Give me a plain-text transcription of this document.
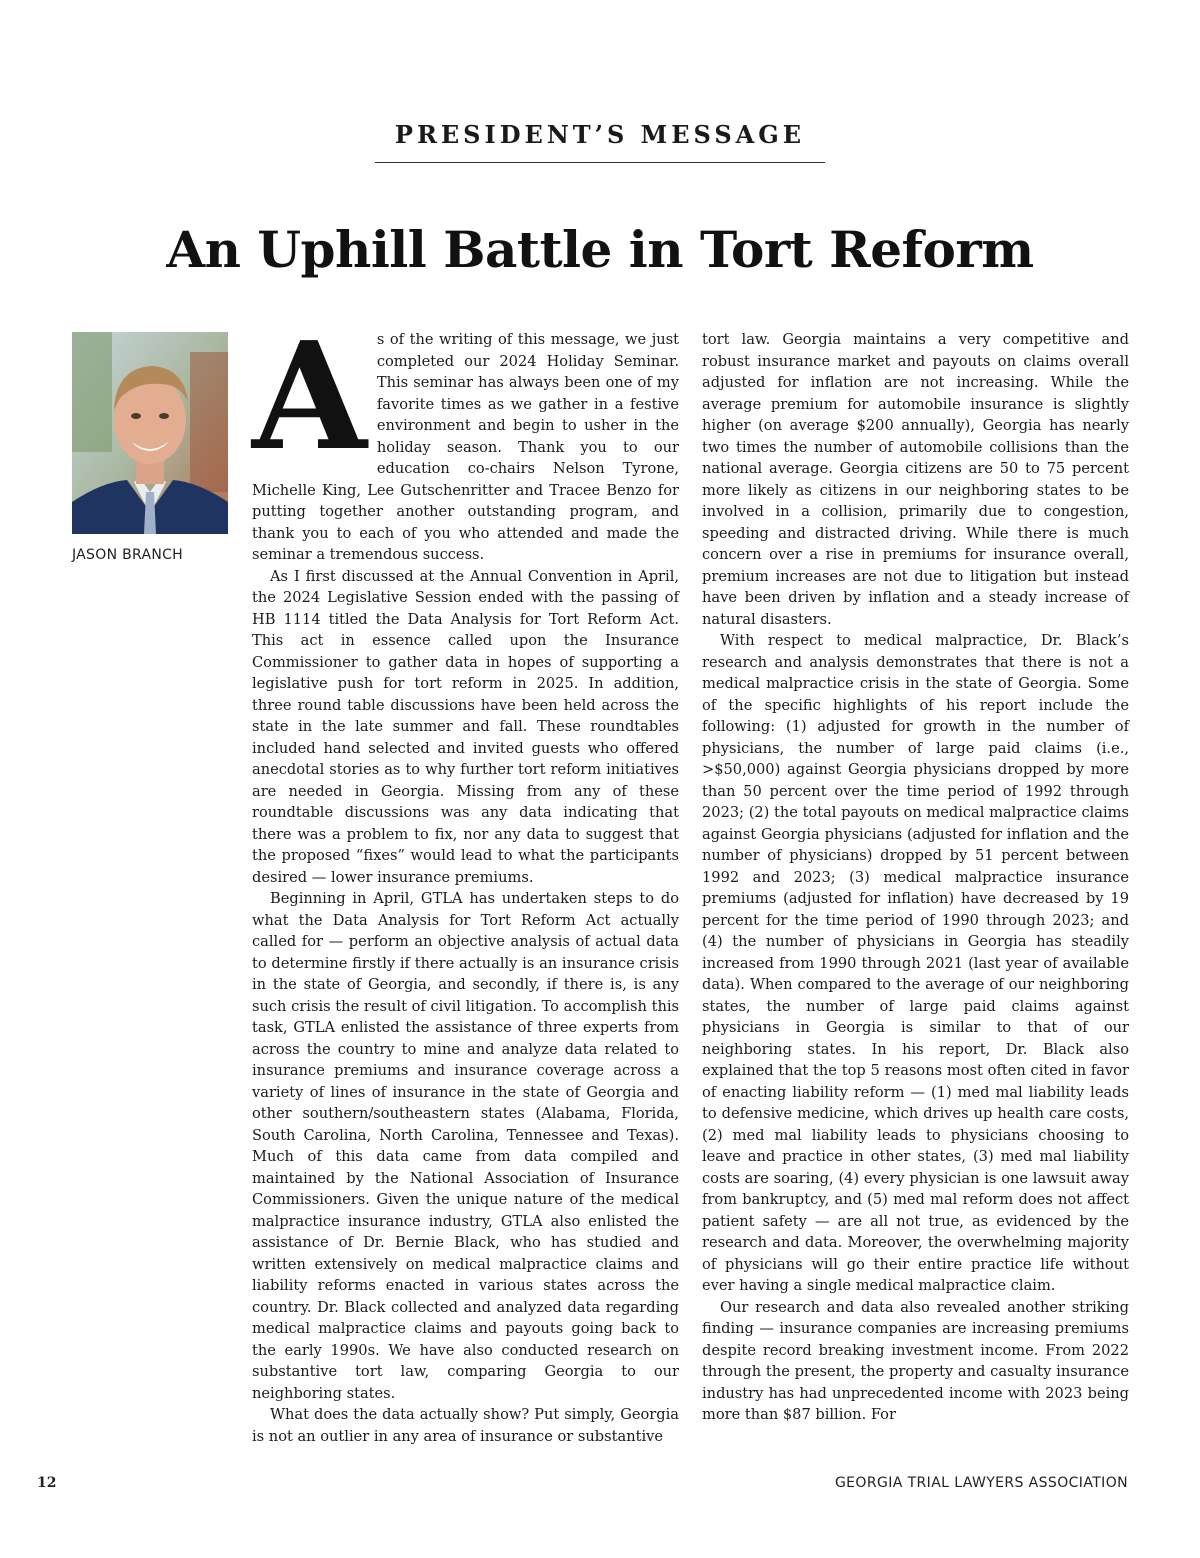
PRESIDENT’S MESSAGE
An Uphill Battle in Tort Reform
JASON BRANCH

As of the writing of this message, we just completed our 2024 Holiday Seminar. This seminar has always been one of my favorite times as we gather in a festive environment and begin to usher in the holiday season. Thank you to our education co-chairs Nelson Tyrone, Michelle King, Lee Gutschenritter and Tracee Benzo for putting together another outstanding program, and thank you to each of you who attended and made the seminar a tremendous success.

As I first discussed at the Annual Convention in April, the 2024 Legislative Session ended with the passing of HB 1114 titled the Data Analysis for Tort Reform Act. This act in essence called upon the Insurance Commissioner to gather data in hopes of supporting a legislative push for tort reform in 2025. In addition, three round table discussions have been held across the state in the late summer and fall. These roundtables included hand selected and invited guests who offered anecdotal stories as to why further tort reform initiatives are needed in Georgia. Missing from any of these roundtable discussions was any data indicating that there was a problem to fix, nor any data to suggest that the proposed “fixes” would lead to what the participants desired — lower insurance premiums.

Beginning in April, GTLA has undertaken steps to do what the Data Analysis for Tort Reform Act actually called for — perform an objective analysis of actual data to determine firstly if there actually is an insurance crisis in the state of Georgia, and secondly, if there is, is any such crisis the result of civil litigation. To accomplish this task, GTLA enlisted the assistance of three experts from across the country to mine and analyze data related to insurance premiums and insurance coverage across a variety of lines of insurance in the state of Georgia and other southern/southeastern states (Alabama, Florida, South Carolina, North Carolina, Tennessee and Texas). Much of this data came from data compiled and maintained by the National Association of Insurance Commissioners. Given the unique nature of the medical malpractice insurance industry, GTLA also enlisted the assistance of Dr. Bernie Black, who has studied and written extensively on medical malpractice claims and liability reforms enacted in various states across the country. Dr. Black collected and analyzed data regarding medical malpractice claims and payouts going back to the early 1990s. We have also conducted research on substantive tort law, comparing Georgia to our neighboring states.

What does the data actually show? Put simply, Georgia is not an outlier in any area of insurance or substantive

tort law. Georgia maintains a very competitive and robust insurance market and payouts on claims overall adjusted for inflation are not increasing. While the average premium for automobile insurance is slightly higher (on average $200 annually), Georgia has nearly two times the number of automobile collisions than the national average. Georgia citizens are 50 to 75 percent more likely as citizens in our neighboring states to be involved in a collision, primarily due to congestion, speeding and distracted driving. While there is much concern over a rise in premiums for insurance overall, premium increases are not due to litigation but instead have been driven by inflation and a steady increase of natural disasters.

With respect to medical malpractice, Dr. Black’s research and analysis demonstrates that there is not a medical malpractice crisis in the state of Georgia. Some of the specific highlights of his report include the following: (1) adjusted for growth in the number of physicians, the number of large paid claims (i.e., >$50,000) against Georgia physicians dropped by more than 50 percent over the time period of 1992 through 2023; (2) the total payouts on medical malpractice claims against Georgia physicians (adjusted for inflation and the number of physicians) dropped by 51 percent between 1992 and 2023; (3) medical malpractice insurance premiums (adjusted for inflation) have decreased by 19 percent for the time period of 1990 through 2023; and (4) the number of physicians in Georgia has steadily increased from 1990 through 2021 (last year of available data). When compared to the average of our neighboring states, the number of large paid claims against physicians in Georgia is similar to that of our neighboring states. In his report, Dr. Black also explained that the top 5 reasons most often cited in favor of enacting liability reform — (1) med mal liability leads to defensive medicine, which drives up health care costs, (2) med mal liability leads to physicians choosing to leave and practice in other states, (3) med mal liability costs are soaring, (4) every physician is one lawsuit away from bankruptcy, and (5) med mal reform does not affect patient safety — are all not true, as evidenced by the research and data. Moreover, the overwhelming majority of physicians will go their entire practice life without ever having a single medical malpractice claim.

Our research and data also revealed another striking finding — insurance companies are increasing premiums despite record breaking investment income. From 2022 through the present, the property and casualty insurance industry has had unprecedented income with 2023 being more than $87 billion. For

12	GEORGIA TRIAL LAWYERS ASSOCIATION
